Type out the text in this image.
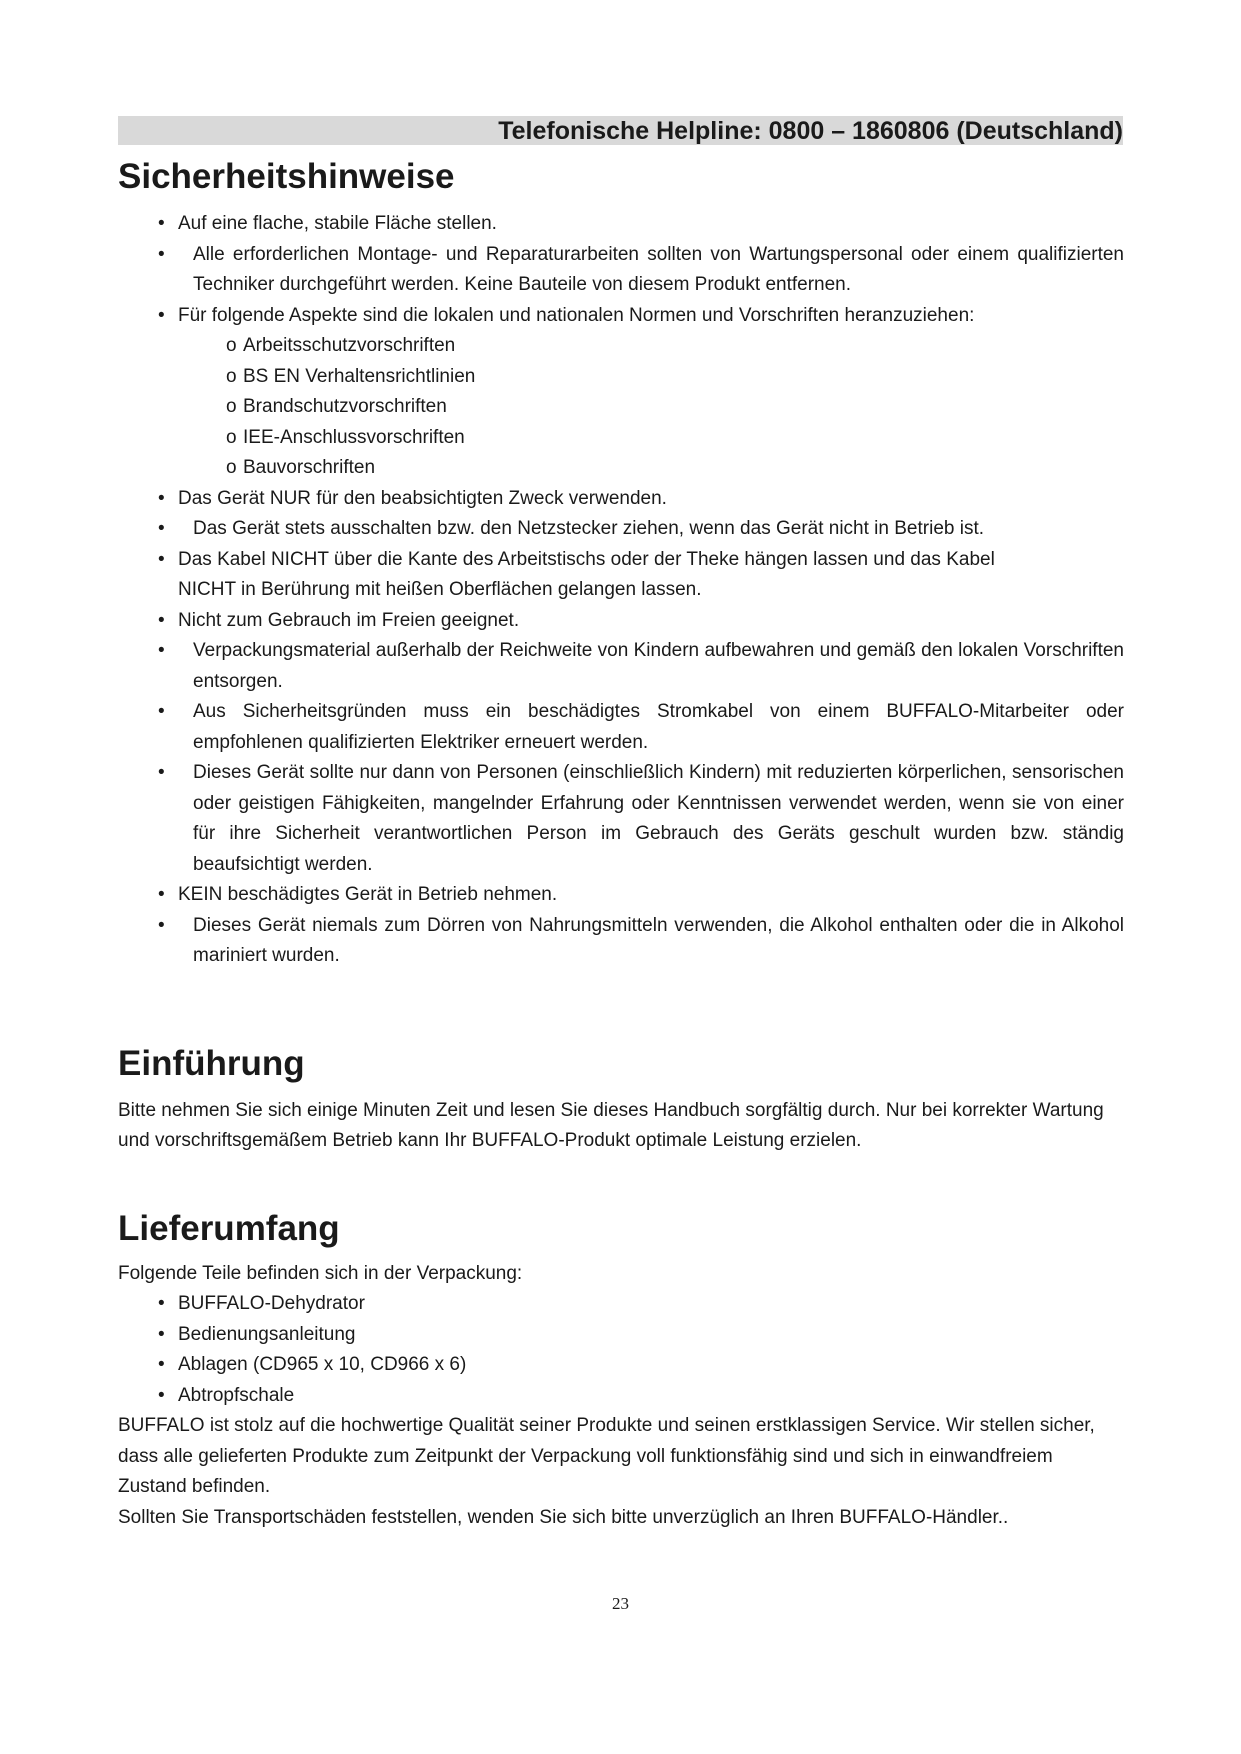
Telefonische Helpline: 0800 – 1860806 (Deutschland)
Sicherheitshinweise
• Auf eine flache, stabile Fläche stellen.
• Alle erforderlichen Montage- und Reparaturarbeiten sollten von Wartungspersonal oder einem qualifizierten Techniker durchgeführt werden. Keine Bauteile von diesem Produkt entfernen.
• Für folgende Aspekte sind die lokalen und nationalen Normen und Vorschriften heranzuziehen:
o Arbeitsschutzvorschriften
o BS EN Verhaltensrichtlinien
o Brandschutzvorschriften
o IEE-Anschlussvorschriften
o Bauvorschriften
• Das Gerät NUR für den beabsichtigten Zweck verwenden.
• Das Gerät stets ausschalten bzw. den Netzstecker ziehen, wenn das Gerät nicht in Betrieb ist.
• Das Kabel NICHT über die Kante des Arbeitstischs oder der Theke hängen lassen und das Kabel NICHT in Berührung mit heißen Oberflächen gelangen lassen.
• Nicht zum Gebrauch im Freien geeignet.
• Verpackungsmaterial außerhalb der Reichweite von Kindern aufbewahren und gemäß den lokalen Vorschriften entsorgen.
• Aus Sicherheitsgründen muss ein beschädigtes Stromkabel von einem BUFFALO-Mitarbeiter oder empfohlenen qualifizierten Elektriker erneuert werden.
• Dieses Gerät sollte nur dann von Personen (einschließlich Kindern) mit reduzierten körperlichen, sensorischen oder geistigen Fähigkeiten, mangelnder Erfahrung oder Kenntnissen verwendet werden, wenn sie von einer für ihre Sicherheit verantwortlichen Person im Gebrauch des Geräts geschult wurden bzw. ständig beaufsichtigt werden.
• KEIN beschädigtes Gerät in Betrieb nehmen.
• Dieses Gerät niemals zum Dörren von Nahrungsmitteln verwenden, die Alkohol enthalten oder die in Alkohol mariniert wurden.
Einführung

Bitte nehmen Sie sich einige Minuten Zeit und lesen Sie dieses Handbuch sorgfältig durch. Nur bei korrekter Wartung und vorschriftsgemäßem Betrieb kann Ihr BUFFALO-Produkt optimale Leistung erzielen.

Lieferumfang

Folgende Teile befinden sich in der Verpackung:

• BUFFALO-Dehydrator
• Bedienungsanleitung
• Ablagen (CD965 x 10, CD966 x 6)
• Abtropfschale

BUFFALO ist stolz auf die hochwertige Qualität seiner Produkte und seinen erstklassigen Service. Wir stellen sicher, dass alle gelieferten Produkte zum Zeitpunkt der Verpackung voll funktionsfähig sind und sich in einwandfreiem Zustand befinden.

Sollten Sie Transportschäden feststellen, wenden Sie sich bitte unverzüglich an Ihren BUFFALO-Händler..

23
